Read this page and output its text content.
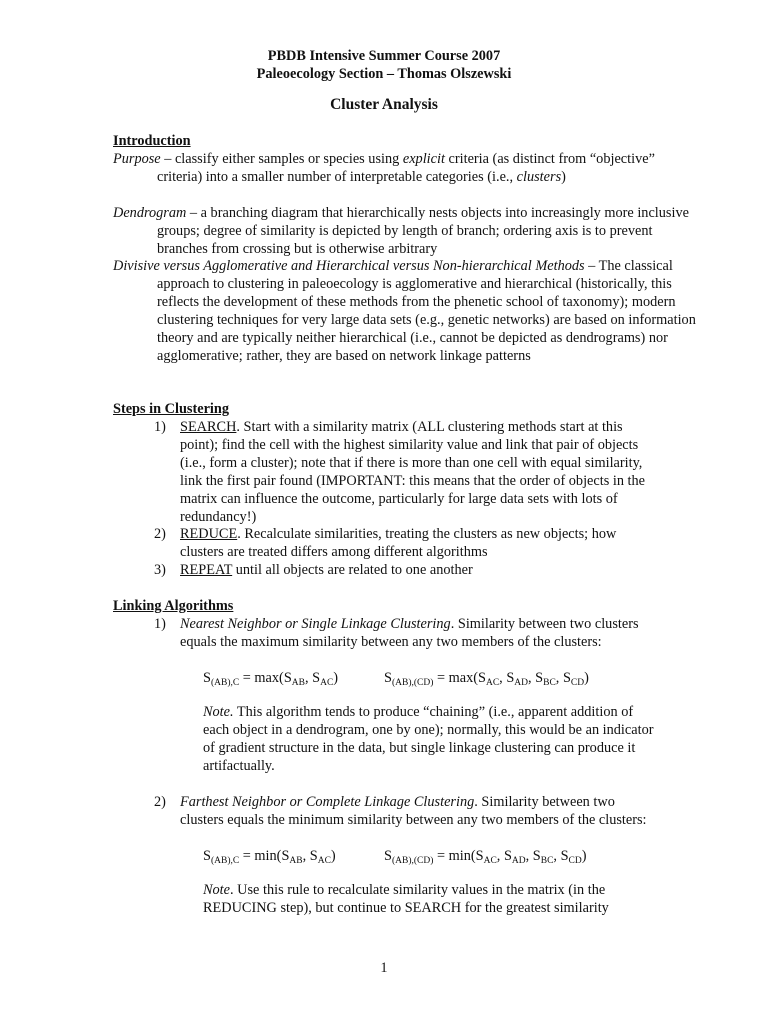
PBDB Intensive Summer Course 2007
Paleoecology Section – Thomas Olszewski
Cluster Analysis
Introduction

Purpose – classify either samples or species using explicit criteria (as distinct from “objective” criteria) into a smaller number of interpretable categories (i.e., clusters)

Dendrogram – a branching diagram that hierarchically nests objects into increasingly more inclusive groups; degree of similarity is depicted by length of branch; ordering axis is to prevent branches from crossing but is otherwise arbitrary

Divisive versus Agglomerative and Hierarchical versus Non-hierarchical Methods – The classical approach to clustering in paleoecology is agglomerative and hierarchical (historically, this reflects the development of these methods from the phenetic school of taxonomy); modern clustering techniques for very large data sets (e.g., genetic networks) are based on information theory and are typically neither hierarchical (i.e., cannot be depicted as dendrograms) nor agglomerative; rather, they are based on network linkage patterns

Steps in Clustering

1) SEARCH. Start with a similarity matrix (ALL clustering methods start at this point); find the cell with the highest similarity value and link that pair of objects (i.e., form a cluster); note that if there is more than one cell with equal similarity, link the first pair found (IMPORTANT: this means that the order of objects in the matrix can influence the outcome, particularly for large data sets with lots of redundancy!)

2) REDUCE. Recalculate similarities, treating the clusters as new objects; how clusters are treated differs among different algorithms

3) REPEAT until all objects are related to one another

Linking Algorithms

1) Nearest Neighbor or Single Linkage Clustering. Similarity between two clusters equals the maximum similarity between any two members of the clusters:

$S_{(AB),C} = \max(S_{AB}$, $S_{AC}$)	$S_{(AB),(CD)} = \max(S_{AC}$, $S_{AD}$, $S_{BC}$, $S_{CD}$)

Note. This algorithm tends to produce “chaining” (i.e., apparent addition of each object in a dendrogram, one by one); normally, this would be an indicator of gradient structure in the data, but single linkage clustering can produce it artifactually.

2) Farthest Neighbor or Complete Linkage Clustering. Similarity between two clusters equals the minimum similarity between any two members of the clusters:

$S_{(AB),C} = \min(S_{AB}$, $S_{AC}$)	$S_{(AB),(CD)} = \min(S_{AC}$, $S_{AD}$, $S_{BC}$, $S_{CD}$)

Note. Use this rule to recalculate similarity values in the matrix (in the REDUCING step), but continue to SEARCH for the greatest similarity

1
